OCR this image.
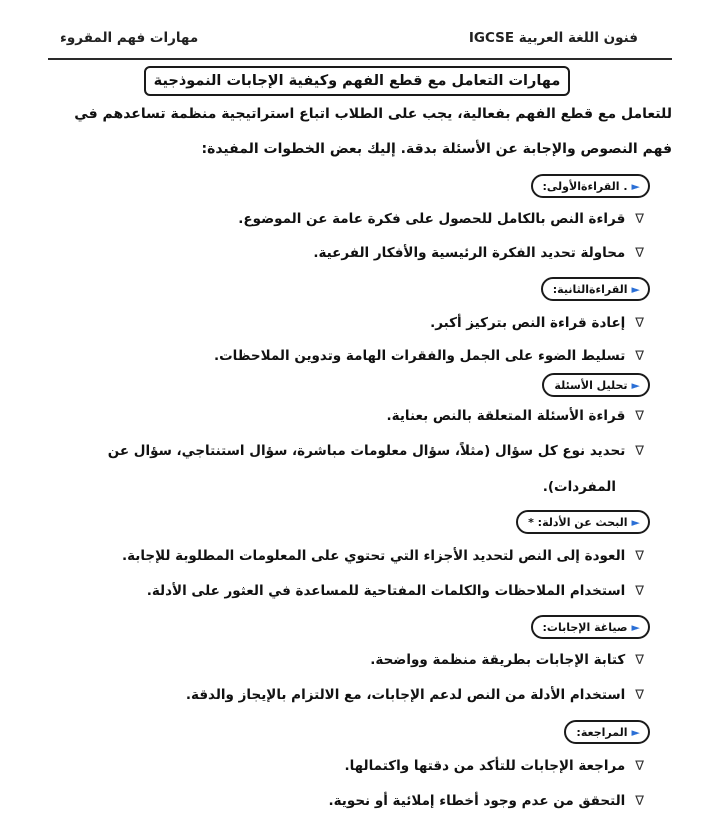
فنون اللغة العربية IGCSE
مهارات فهم المقروء
مهارات التعامل مع قطع الفهم وكيفية الإجابات النموذجية
للتعامل مع قطع الفهم بفعالية، يجب على الطلاب اتباع استراتيجية منظمة تساعدهم في
فهم النصوص والإجابة عن الأسئلة بدقة. إليك بعض الخطوات المفيدة:
►
. القراءةالأولى:
∇
قراءة النص بالكامل للحصول على فكرة عامة عن الموضوع.
∇
محاولة تحديد الفكرة الرئيسية والأفكار الفرعية.
►
القراءةالثانية:
∇
إعادة قراءة النص بتركيز أكبر.
∇
تسليط الضوء على الجمل والفقرات الهامة وتدوين الملاحظات.
►
تحليل الأسئلة
∇
قراءة الأسئلة المتعلقة بالنص بعناية.
∇
تحديد نوع كل سؤال (مثلاً، سؤال معلومات مباشرة، سؤال استنتاجي، سؤال عن
المفردات).
►
البحث عن الأدلة: *
∇
العودة إلى النص لتحديد الأجزاء التي تحتوي على المعلومات المطلوبة للإجابة.
∇
استخدام الملاحظات والكلمات المفتاحية للمساعدة في العثور على الأدلة.
►
صياغة الإجابات:
∇
كتابة الإجابات بطريقة منظمة وواضحة.
∇
استخدام الأدلة من النص لدعم الإجابات، مع الالتزام بالإيجاز والدقة.
►
المراجعة:
∇
مراجعة الإجابات للتأكد من دقتها واكتمالها.
∇
التحقق من عدم وجود أخطاء إملائية أو نحوية.
